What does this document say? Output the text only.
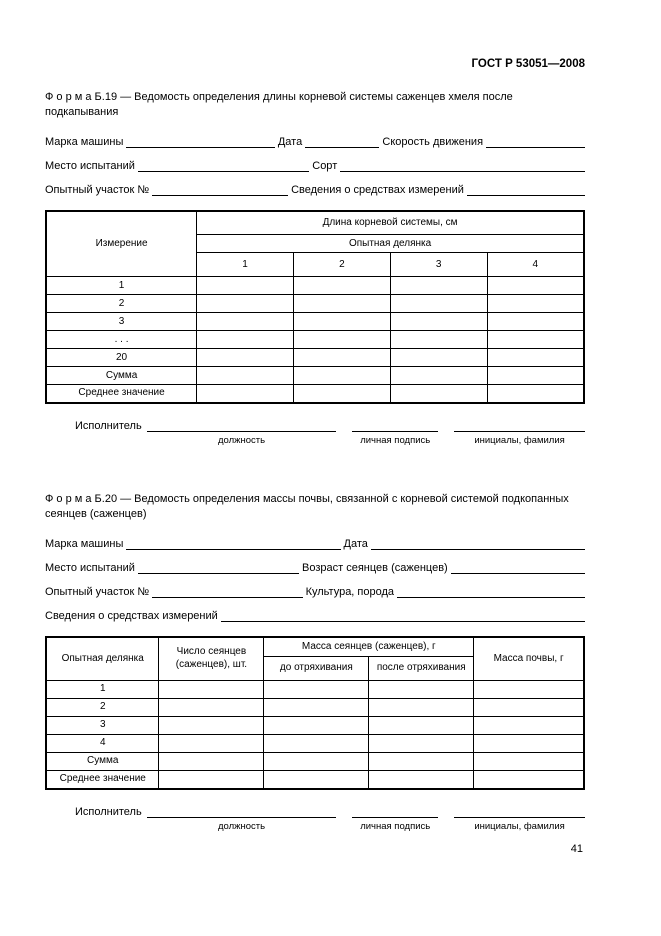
ГОСТ Р 53051—2008

Ф о р м а Б.19 — Ведомость определения длины корневой системы саженцев хмеля после подкапывания

Марка машины	Дата	Скорость движения
Место испытаний	Сорт
Опытный участок №	Сведения о средствах измерений
Измерение	Длина корневой системы, см			
	Опытная делянка			
	1	2	3	4
1				
2				
3				
. . .				
20				
Сумма				
Среднее значение				
Исполнитель
должность	личная подпись	инициалы, фамилия

Ф о р м а Б.20 — Ведомость определения массы почвы, связанной с корневой системой подкопанных сеянцев (саженцев)

Марка машины	Дата
Место испытаний	Возраст сеянцев (саженцев)
Опытный участок №	Культура, порода
Сведения о средствах измерений
Опытная делянка	Число сеянцев (саженцев), шт.	Масса сеянцев (саженцев), г		Масса почвы, г
		до отряхивания	после отряхивания	
1				
2				
3				
4				
Сумма				
Среднее значение				
Исполнитель
должность	личная подпись	инициалы, фамилия
41
